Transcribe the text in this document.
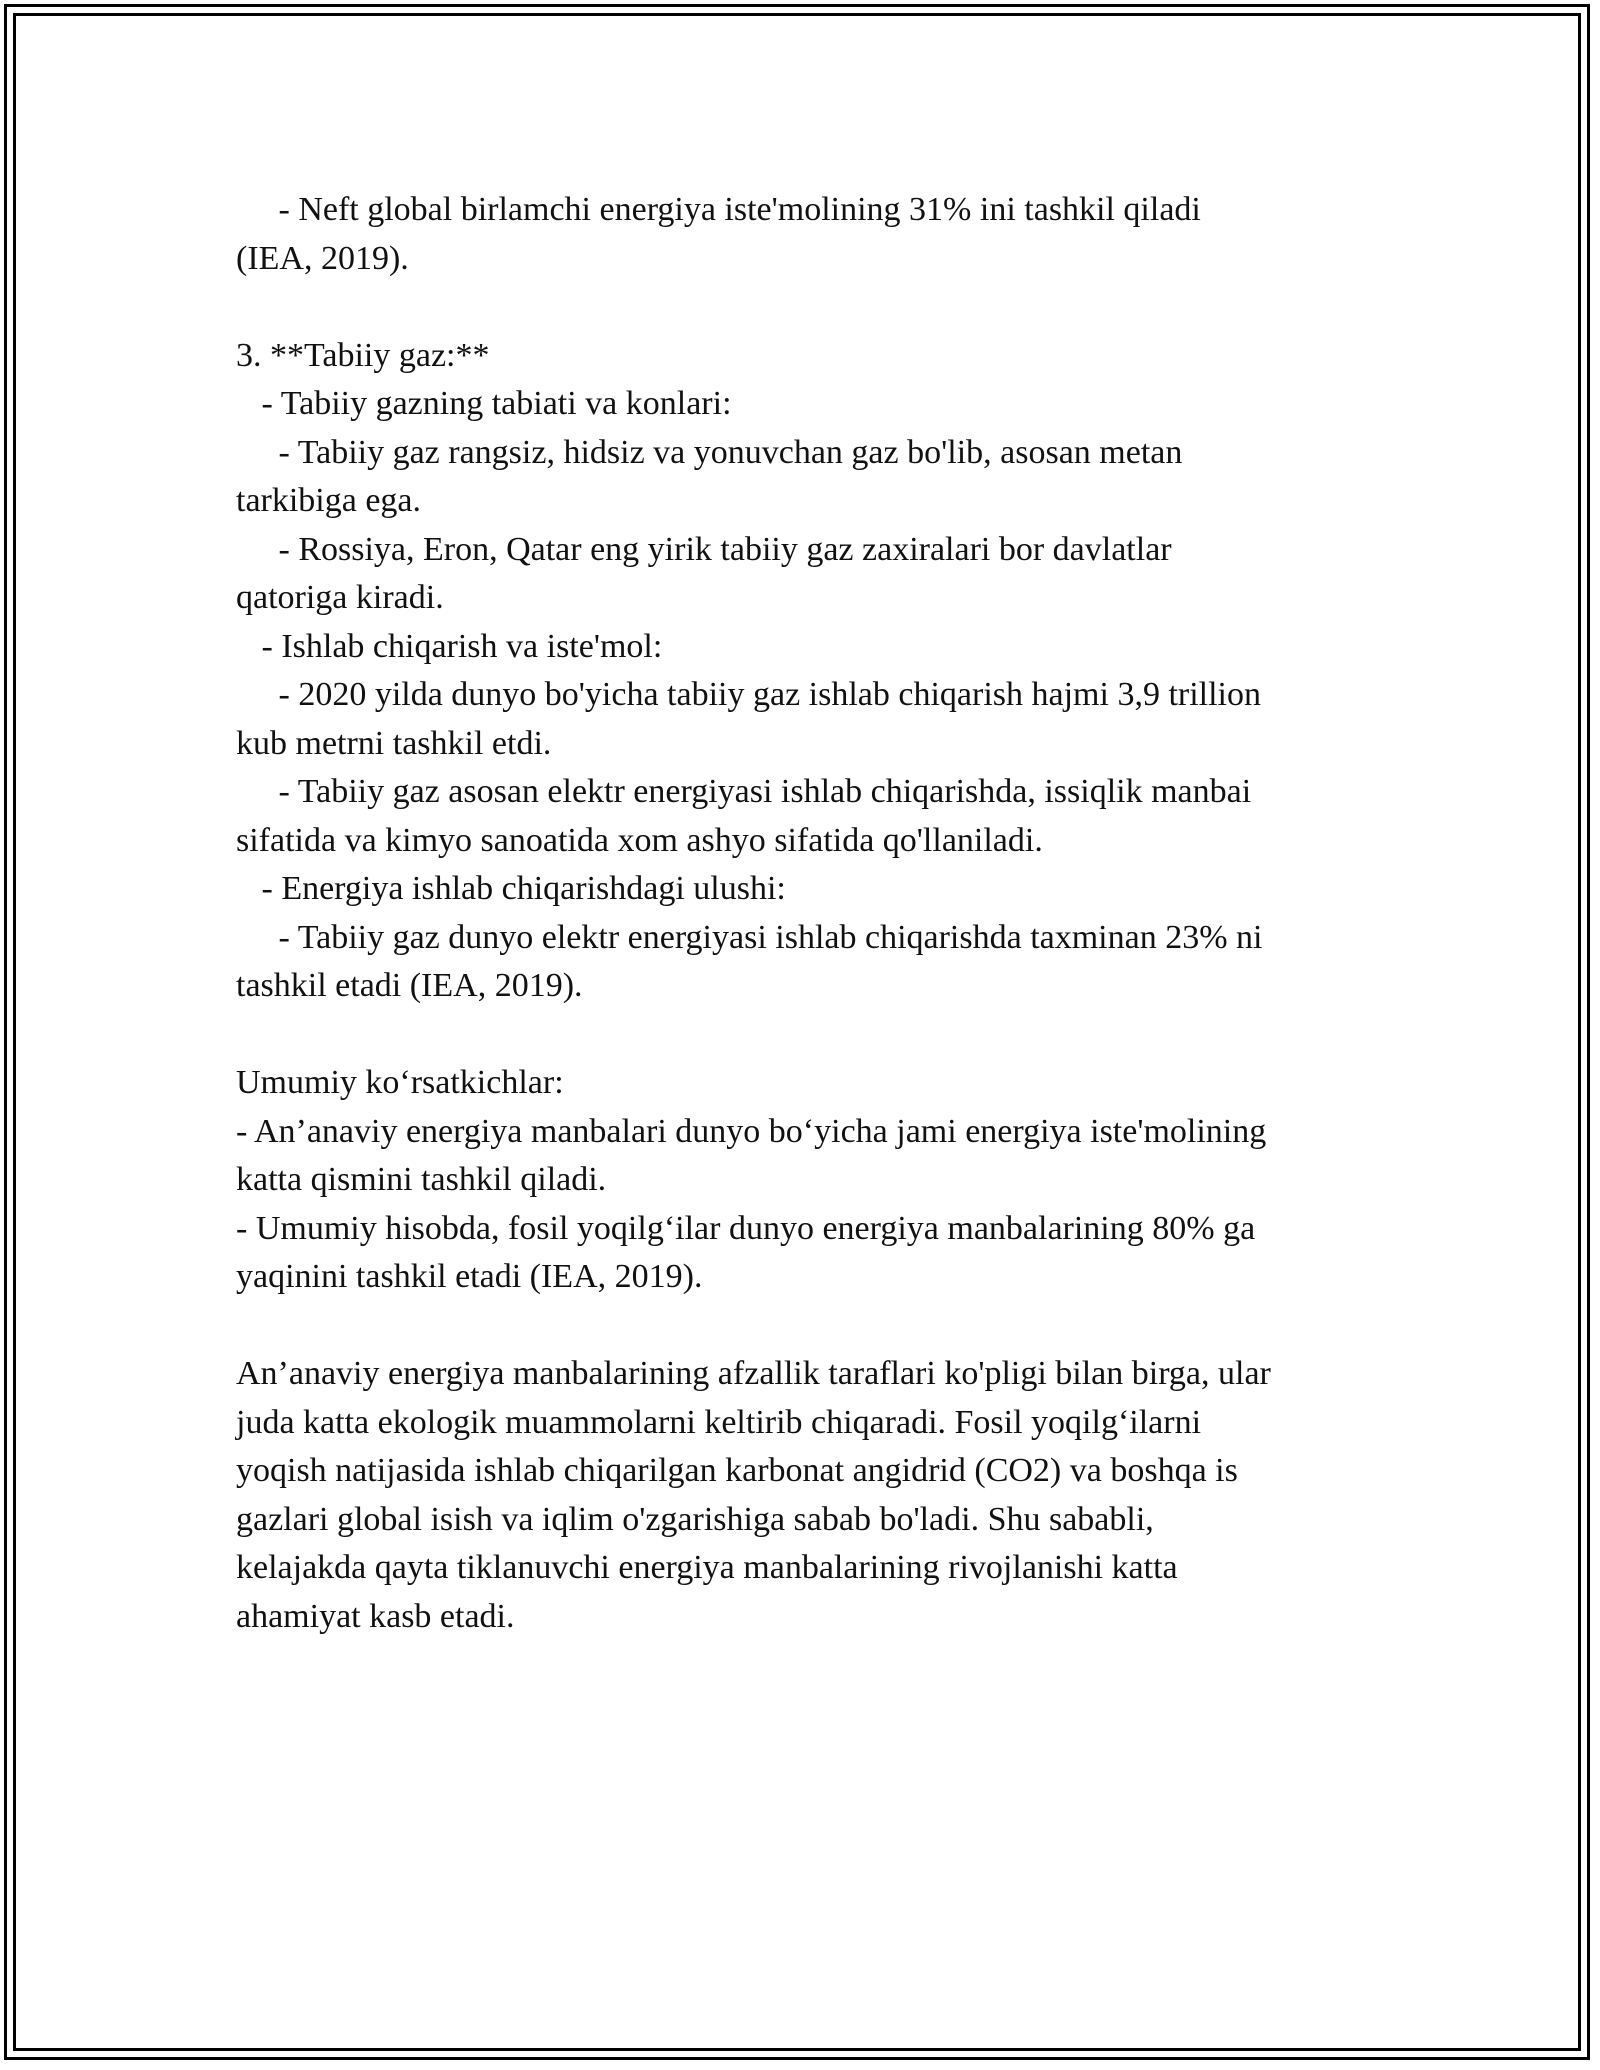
- Neft global birlamchi energiya iste'molining 31% ini tashkil qiladi
(IEA, 2019).
3. **Tabiiy gaz:**
- Tabiiy gazning tabiati va konlari:
- Tabiiy gaz rangsiz, hidsiz va yonuvchan gaz bo'lib, asosan metan
tarkibiga ega.
- Rossiya, Eron, Qatar eng yirik tabiiy gaz zaxiralari bor davlatlar
qatoriga kiradi.
- Ishlab chiqarish va iste'mol:
- 2020 yilda dunyo bo'yicha tabiiy gaz ishlab chiqarish hajmi 3,9 trillion
kub metrni tashkil etdi.
- Tabiiy gaz asosan elektr energiyasi ishlab chiqarishda, issiqlik manbai
sifatida va kimyo sanoatida xom ashyo sifatida qo'llaniladi.
- Energiya ishlab chiqarishdagi ulushi:
- Tabiiy gaz dunyo elektr energiyasi ishlab chiqarishda taxminan 23% ni
tashkil etadi (IEA, 2019).
Umumiy ko‘rsatkichlar:
- An’anaviy energiya manbalari dunyo bo‘yicha jami energiya iste'molining
katta qismini tashkil qiladi.
- Umumiy hisobda, fosil yoqilg‘ilar dunyo energiya manbalarining 80% ga
yaqinini tashkil etadi (IEA, 2019).
An’anaviy energiya manbalarining afzallik taraflari ko'pligi bilan birga, ular
juda katta ekologik muammolarni keltirib chiqaradi. Fosil yoqilg‘ilarni
yoqish natijasida ishlab chiqarilgan karbonat angidrid (CO2) va boshqa is
gazlari global isish va iqlim o'zgarishiga sabab bo'ladi. Shu sababli,
kelajakda qayta tiklanuvchi energiya manbalarining rivojlanishi katta
ahamiyat kasb etadi.
